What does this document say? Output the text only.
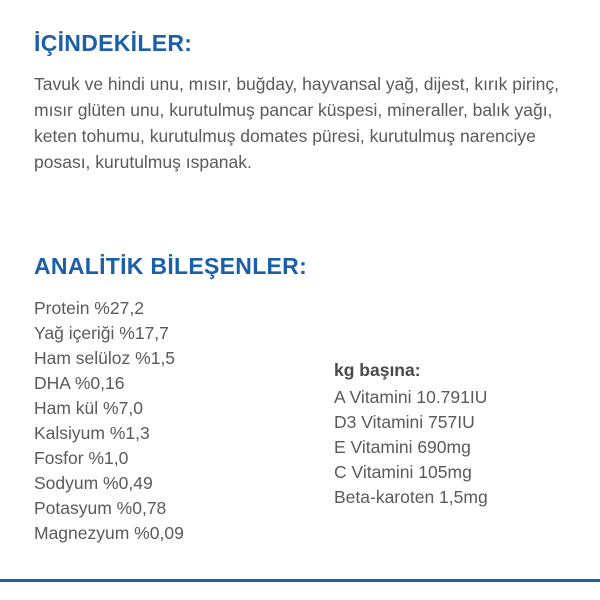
İÇİNDEKİLER:

Tavuk ve hindi unu, mısır, buğday, hayvansal yağ, dijest, kırık pirinç, mısır glüten unu, kurutulmuş pancar küspesi, mineraller, balık yağı, keten tohumu, kurutulmuş domates püresi, kurutulmuş narenciye posası, kurutulmuş ıspanak.

ANALİTİK BİLEŞENLER:
Protein %27,2
Yağ içeriği %17,7
Ham selüloz %1,5
DHA %0,16
Ham kül %7,0
Kalsiyum %1,3
Fosfor %1,0
Sodyum %0,49
Potasyum %0,78
Magnezyum %0,09
kg başına:
A Vitamini 10.791IU
D3 Vitamini 757IU
E Vitamini 690mg
C Vitamini 105mg
Beta-karoten 1,5mg
